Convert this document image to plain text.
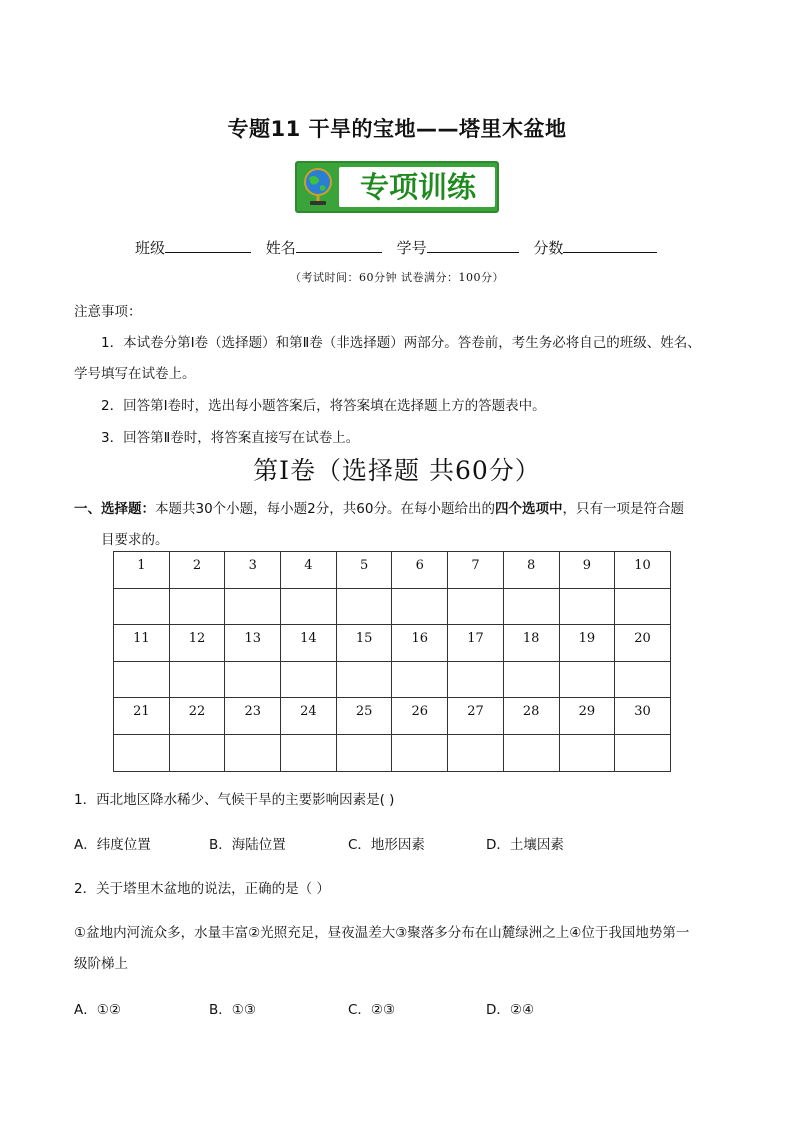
专题11 干旱的宝地——塔里木盆地
专项训练
班级	姓名	学号	分数
（考试时间：60分钟 试卷满分：100分）
注意事项：
1．本试卷分第Ⅰ卷（选择题）和第Ⅱ卷（非选择题）两部分。答卷前，考生务必将自己的班级、姓名、
学号填写在试卷上。
2．回答第Ⅰ卷时，选出每小题答案后，将答案填在选择题上方的答题表中。
3．回答第Ⅱ卷时，将答案直接写在试卷上。
第Ⅰ卷（选择题 共60分）
一、选择题：本题共30个小题，每小题2分，共60分。在每小题给出的四个选项中，只有一项是符合题
目要求的。
1	2	3	4	5	6	7	8	9	10

11	12	13	14	15	16	17	18	19	20

21	22	23	24	25	26	27	28	29	30

1．西北地区降水稀少、气候干旱的主要影响因素是( )
A．纬度位置	B．海陆位置	C．地形因素	D．土壤因素
2．关于塔里木盆地的说法，正确的是（ ）
①盆地内河流众多，水量丰富②光照充足，昼夜温差大③聚落多分布在山麓绿洲之上④位于我国地势第一
级阶梯上
A．①②	B．①③	C．②③	D．②④
